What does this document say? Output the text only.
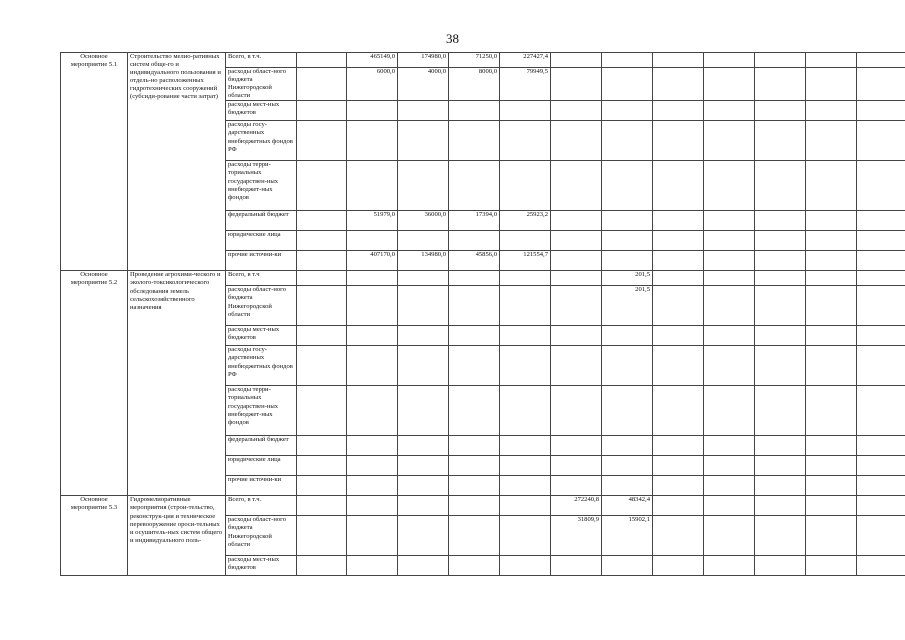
38
Основное мероприятие 5.1	Строительство мелио-ративных систем обще-го и индивидуального пользования и отдель-но расположенных гидротехнических сооружений (субсиди-рование части затрат)	Всего, в т.ч.		465149,0	174980,0	71250,0	227427,4									
		расходы област-ного бюджета Нижегородской области		6000,0	4000,0	8000,0	79949,5									
		расходы мест-ных бюджетов														
		расходы госу-дарственных внебюджетных фондов РФ														
		расходы терри-ториальных государствен-ных внебюджет-ных фондов														
		федеральный бюджет		51979,0	36000,0	17394,0	25923,2									
		юридические лица														
		прочие источни-ки		407170,0	134980,0	45856,0	121554,7									
Основное мероприятие 5.2	Проведение агрохими-ческого и эколого-токсикологического обследования земель сельскохозяйственного назначения	Всего, в т.ч							201,5							
		расходы област-ного бюджета Нижегородской области							201,5							
		расходы мест-ных бюджетов														
		расходы госу-дарственных внебюджетных фондов РФ														
		расходы терри-ториальных государствен-ных внебюджет-ных фондов														
		федеральный бюджет														
		юридические лица														
		прочие источни-ки														
Основное мероприятие 5.3	Гидромелиоративные мероприятия (строи-тельство, реконструк-ция и техническое перевооружение ороси-тельных и осушитель-ных систем общего и индивидуального поль-	Всего, в т.ч.						272240,8	48342,4							
		расходы област-ного бюджета Нижегородской области						31809,9	15902,1							
		расходы мест-ных бюджетов														
